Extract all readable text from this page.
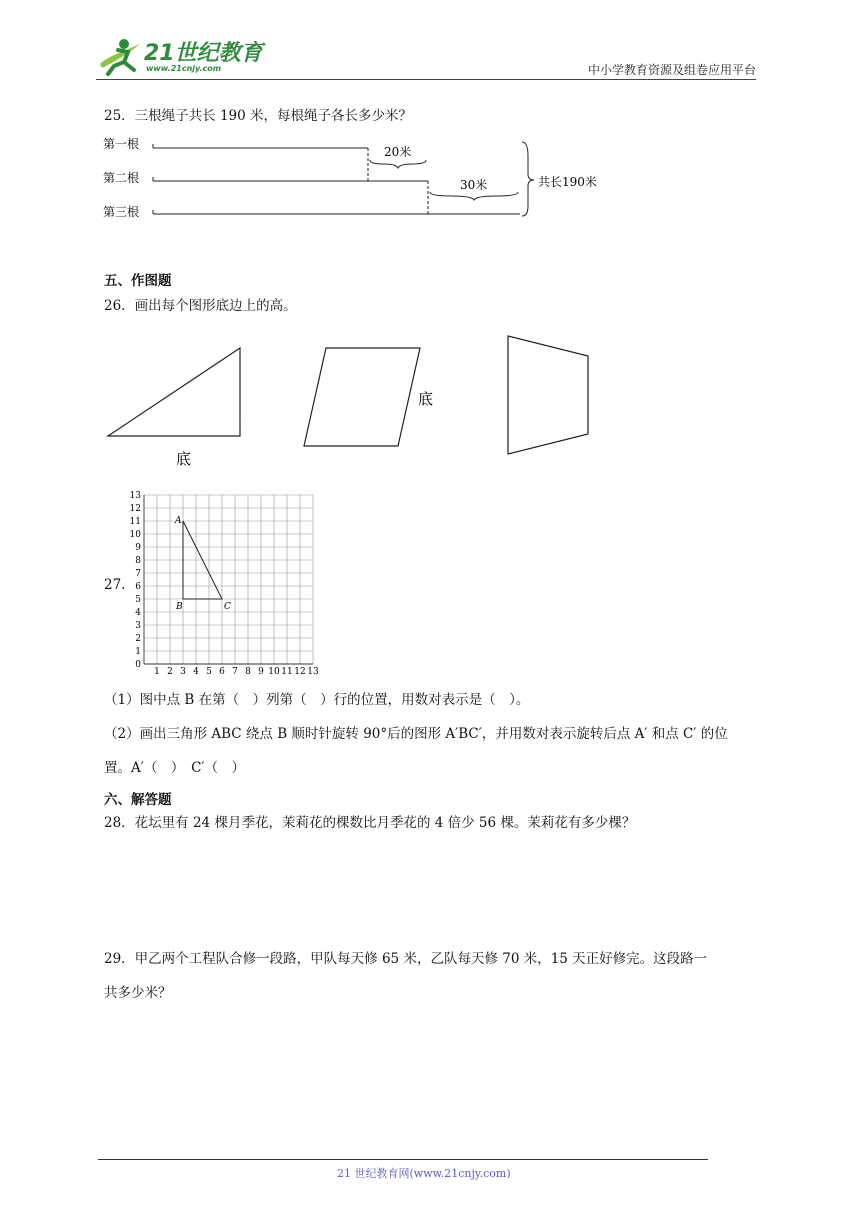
21世纪教育
www.21cnjy.com	中小学教育资源及组卷应用平台
25．三根绳子共长 190 米，每根绳子各长多少米？
第一根
第二根
第三根
20米
30米	共长190米
五、作图题
26．画出每个图形底边上的高。
底
底
27.
1 2 3 4 5 6 7 8 9 10 11 12 13
0
1
2
3
4
5
6
7
8
9
10
11
12
13
A
B	C
（1）图中点 B 在第（　）列第（　）行的位置，用数对表示是（　）。
（2）画出三角形 ABC 绕点 B 顺时针旋转 90°后的图形 A′BC′，并用数对表示旋转后点 A′ 和点 C′ 的位
置。A′（　）　C′（　）
六、解答题
28．花坛里有 24 棵月季花，茉莉花的棵数比月季花的 4 倍少 56 棵。茉莉花有多少棵？
29．甲乙两个工程队合修一段路，甲队每天修 65 米，乙队每天修 70 米，15 天正好修完。这段路一
共多少米？
21 世纪教育网(www.21cnjy.com)
